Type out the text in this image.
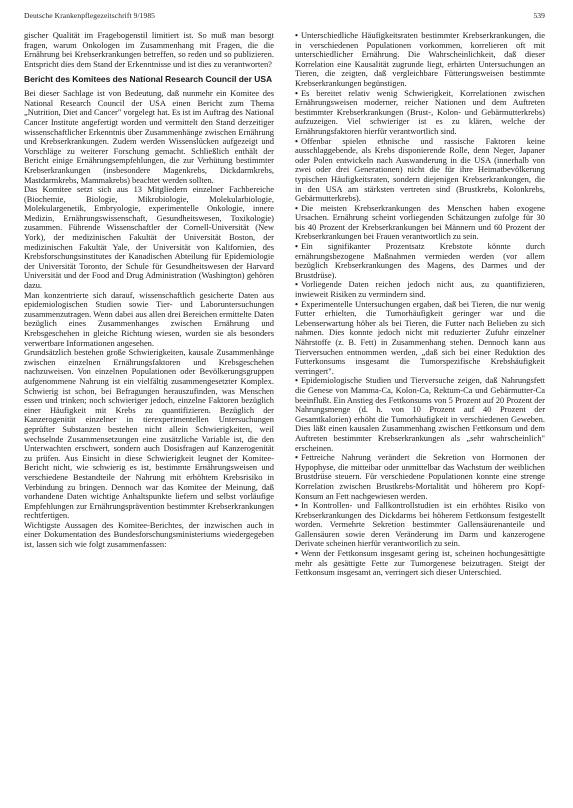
Deutsche Krankenpflegezeitschrift 9/1985	539

gischer Qualität im Fragebogenstil limitiert ist. So muß man besorgt fragen, warum Onkologen im Zusammenhang mit Fragen, die die Ernährung bei Krebserkrankungen betreffen, so reden und so publizieren. Entspricht dies dem Stand der Erkenntnisse und ist dies zu verantworten?

Bericht des Komitees des National Research Council der USA

Bei dieser Sachlage ist von Bedeutung, daß nunmehr ein Komitee des National Research Council der USA einen Bericht zum Thema „Nutrition, Diet and Cancer" vorgelegt hat. Es ist im Auftrag des National Cancer Institute angefertigt worden und vermittelt den Stand derzeitiger wissenschaftlicher Erkenntnis über Zusammenhänge zwischen Ernährung und Krebserkrankungen. Zudem werden Wissenslücken aufgezeigt und Vorschläge zu weiterer Forschung gemacht. Schließlich enthält der Bericht einige Ernährungsempfehlungen, die zur Verhütung bestimmter Krebserkrankungen (insbesondere Magenkrebs, Dickdarmkrebs, Mastdarmkrebs, Mammakrebs) beachtet werden sollten.

Das Komitee setzt sich aus 13 Mitgliedern einzelner Fachbereiche (Biochemie, Biologie, Mikrobiologie, Molekularbiologie, Molekulargenetik, Embryologie, experimentelle Onkologie, innere Medizin, Ernährungswissenschaft, Gesundheitswesen, Toxikologie) zusammen. Führende Wissenschaftler der Cornell-Universität (New York), der medizinischen Fakultät der Universität Boston, der medizinischen Fakultät Yale, der Universität von Kalifornien, des Krebsforschungsinstitutes der Kanadischen Abteilung für Epidemiologie der Universität Toronto, der Schule für Gesundheitswesen der Harvard Universität und der Food and Drug Administration (Washington) gehören dazu.

Man konzentrierte sich darauf, wissenschaftlich gesicherte Daten aus epidemiologischen Studien sowie Tier- und Laboruntersuchungen zusammenzutragen. Wenn dabei aus allen drei Bereichen ermittelte Daten bezüglich eines Zusammenhanges zwischen Ernährung und Krebsgeschehen in gleiche Richtung wiesen, wurden sie als besonders verwertbare Informationen angesehen.

Grundsätzlich bestehen große Schwierigkeiten, kausale Zusammenhänge zwischen einzelnen Ernährungsfaktoren und Krebsgeschehen nachzuweisen. Von einzelnen Populationen oder Bevölkerungsgruppen aufgenommene Nahrung ist ein vielfältig zusammengesetzter Komplex. Schwierig ist schon, bei Befragungen herauszufinden, was Menschen essen und trinken; noch schwieriger jedoch, einzelne Faktoren bezüglich einer Häufigkeit mit Krebs zu quantifizieren. Bezüglich der Kanzerogenität einzelner in tierexperimentellen Untersuchungen geprüfter Substanzen bestehen nicht allein Schwierigkeiten, weil wechselnde Zusammensetzungen eine zusätzliche Variable ist, die den Unterwachten erschwert, sondern auch Dosisfragen auf Kanzerogenität zu prüfen. Aus Einsicht in diese Schwierigkeit leugnet der Komitee-Bericht nicht, wie schwierig es ist, bestimmte Ernährungsweisen und verschiedene Bestandteile der Nahrung mit erhöhtem Krebsrisiko in Verbindung zu bringen. Dennoch war das Komitee der Meinung, daß vorhandene Daten wichtige Anhaltspunkte liefern und selbst vorläufige Empfehlungen zur Ernährungsprävention bestimmter Krebserkrankungen rechtfertigen.

Wichtigste Aussagen des Komitee-Berichtes, der inzwischen auch in einer Dokumentation des Bundesforschungsministeriums wiedergegeben ist, lassen sich wie folgt zusammenfassen:

• Unterschiedliche Häufigkeitsraten bestimmter Krebserkrankungen, die in verschiedenen Populationen vorkommen, korrelieren oft mit unterschiedlicher Ernährung. Die Wahrscheinlichkeit, daß dieser Korrelation eine Kausalität zugrunde liegt, erhärten Untersuchungen an Tieren, die zeigten, daß vergleichbare Fütterungsweisen bestimmte Krebserkrankungen begünstigen.

• Es bereitet relativ wenig Schwierigkeit, Korrelationen zwischen Ernährungsweisen moderner, reicher Nationen und dem Auftreten bestimmter Krebserkrankungen (Brust-, Kolon- und Gebärmutterkrebs) aufzuzeigen. Viel schwieriger ist es zu klären, welche der Ernährungsfaktoren hierfür verantwortlich sind.

• Offenbar spielen ethnische und rassische Faktoren keine ausschlaggebende, als Krebs disponierende Rolle, denn Neger, Japaner oder Polen entwickeln nach Auswanderung in die USA (innerhalb von zwei oder drei Generationen) nicht die für ihre Heimatbevölkerung typischen Häufigkeitsraten, sondern diejenigen Krebserkrankungen, die in den USA am stärksten vertreten sind (Brustkrebs, Kolonkrebs, Gebärmutterkrebs).

• Die meisten Krebserkrankungen des Menschen haben exogene Ursachen. Ernährung scheint vorliegenden Schätzungen zufolge für 30 bis 40 Prozent der Krebserkrankungen bei Männern und 60 Prozent der Krebserkrankungen bei Frauen verantwortlich zu sein.

• Ein signifikanter Prozentsatz Krebstote könnte durch ernährungsbezogene Maßnahmen vermieden werden (vor allem bezüglich Krebserkrankungen des Magens, des Darmes und der Brustdrüse).

• Vorliegende Daten reichen jedoch nicht aus, zu quantifizieren, inwieweit Risiken zu vermindern sind.

• Experimentelle Untersuchungen ergaben, daß bei Tieren, die nur wenig Futter erhielten, die Tumorhäufigkeit geringer war und die Lebenserwartung höher als bei Tieren, die Futter nach Belieben zu sich nahmen. Dies konnte jedoch nicht mit reduzierter Zufuhr einzelner Nährstoffe (z. B. Fett) in Zusammenhang stehen. Dennoch kann aus Tierversuchen entnommen werden, „daß sich bei einer Reduktion des Futterkonsums insgesamt die Tumorspezifische Krebshäufigkeit verringert".

• Epidemiologische Studien und Tierversuche zeigen, daß Nahrungsfett die Genese von Mamma-Ca, Kolon-Ca, Rektum-Ca und Gebärmutter-Ca beeinflußt. Ein Anstieg des Fettkonsums von 5 Prozent auf 20 Prozent der Nahrungsmenge (d. h. von 10 Prozent auf 40 Prozent der Gesamtkalorien) erhöht die Tumorhäufigkeit in verschiedenen Geweben. Dies läßt einen kausalen Zusammenhang zwischen Fettkonsum und dem Auftreten bestimmter Krebserkrankungen als „sehr wahrscheinlich" erscheinen.

• Fettreiche Nahrung verändert die Sekretion von Hormonen der Hypophyse, die mitteibar oder unmittelbar das Wachstum der weiblichen Brustdrüse steuern. Für verschiedene Populationen konnte eine strenge Korrelation zwischen Brustkrebs-Mortalität und höherem pro Kopf-Konsum an Fett nachgewiesen werden.

• In Kontrollen- und Fallkontrollstudien ist ein erhöhtes Risiko von Krebserkrankungen des Dickdarms bei höherem Fettkonsum festgestellt worden. Vermehrte Sekretion bestimmter Gallensäurenanteile und Gallensäuren sowie deren Veränderung im Darm und kanzerogene Derivate scheinen hierfür verantwortlich zu sein.

• Wenn der Fettkonsum insgesamt gering ist, scheinen hochungesättigte mehr als gesättigte Fette zur Tumorgenese beizutragen. Steigt der Fettkonsum insgesamt an, verringert sich dieser Unterschied.
